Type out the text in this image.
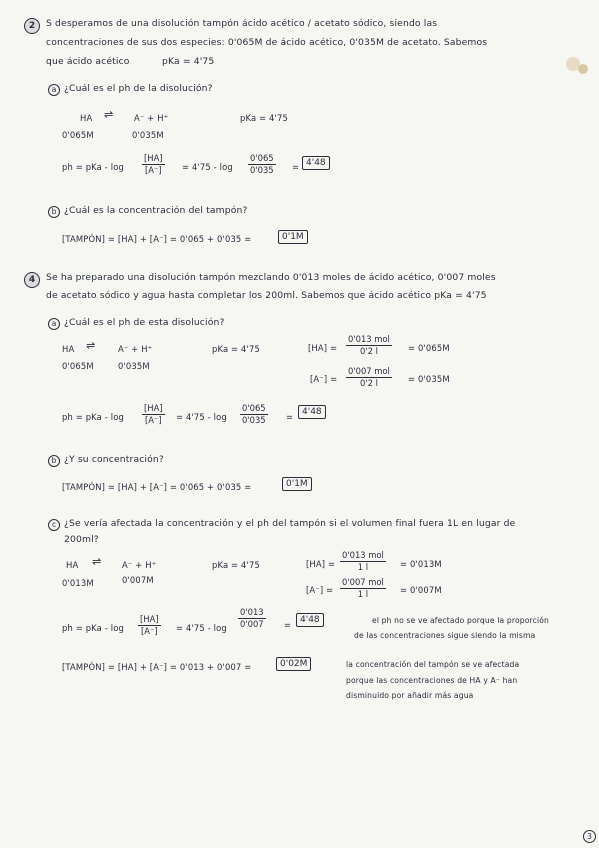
2	S desperamos de una disolución tampón ácido acético / acetato sódico, siendo las
concentraciones de sus dos especies: 0'065M de ácido acético, 0'035M de acetato. Sabemos
que ácido acético	pKa = 4'75
a ¿Cuál es el ph de la disolución?
HA ⇌ A⁻ + H⁺	pKa = 4'75
0'065M	0'035M
ph = pKa - $\log \frac{[HA]}{[A^-]} = 4'75 - \log \frac{0'065}{0'035} = 4'48$
b ¿Cuál es la concentración del tampón?
[TAMPÓN] = [HA] + [A⁻] = 0'065 + 0'035 =	0'1M
4	Se ha preparado una disolución tampón mezclando 0'013 moles de ácido acético, 0'007 moles
de acetato sódico y agua hasta completar los 200ml. Sabemos que ácido acético pKa = 4'75
a ¿Cuál es el ph de esta disolución?
HA ⇌	A⁻ + H⁺	pKa = 4'75
0'065M	0'035M
[HA] =
0'013 mol
0'2 l	= 0'065M
[A⁻] =
0'007 mol
0'2 l	= 0'035M
ph = pKa - $\log \frac{[HA]}{[A^-]} = 4'75 - \log \frac{0'065}{0'035} = 4'48$
b ¿Y su concentración?
[TAMPÓN] = [HA] + [A⁻] = 0'065 + 0'035 =	0'1M
c ¿Se vería afectada la concentración y el ph del tampón si el volumen final fuera 1L en lugar de
200ml?
HA ⇌ A⁻ + H⁺	pKa = 4'75
0'013M	0'007M
[HA] =
0'013 mol
1 l	= 0'013M
[A⁻] =
0'007 mol
1 l	= 0'007M
ph = pKa - $\log \frac{[HA]}{[A^-]} = 4'75 - \log \frac{0'013}{0'007} = 4'48$	el ph no se ve afectado porque la proporción
de las concentraciones sigue siendo la misma
[TAMPÓN] = [HA] + [A⁻] = 0'013 + 0'007 =	0'02M	la concentración del tampón se ve afectada
porque las concentraciones de HA y A⁻ han
disminuido por añadir más agua
3
